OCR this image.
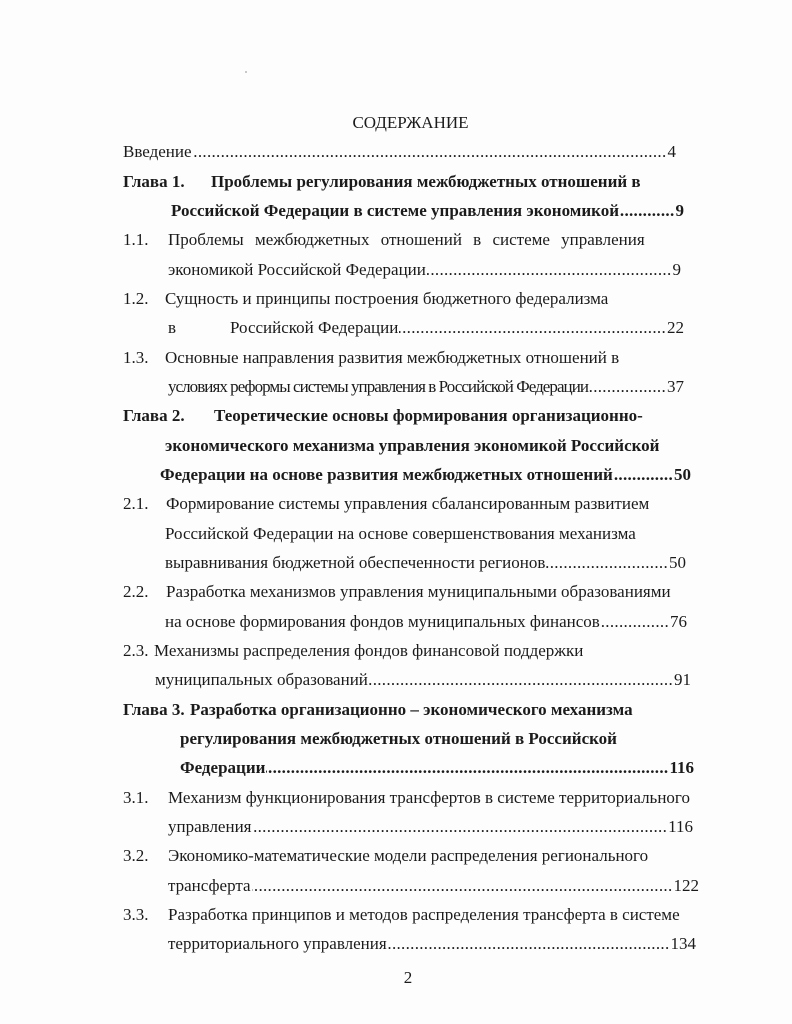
СОДЕРЖАНИЕ
Введение .....	4
Глава 1. Проблемы регулирования межбюджетных отношений в
Российской Федерации в системе управления экономикой .....	9
1.1. Проблемы межбюджетных отношений в системе управления
экономикой Российской Федерации .....	9
1.2. Сущность и принципы построения бюджетного федерализма
в	Российской Федерации .....	22
1.3. Основные направления развития межбюджетных отношений в
условиях реформы системы управления в Российской Федерации .....	37
Глава 2. Теоретические основы формирования организационно-
экономического механизма управления экономикой Российской
Федерации на основе развития межбюджетных отношений .....	50
2.1. Формирование системы управления сбалансированным развитием
Российской Федерации на основе совершенствования механизма
выравнивания бюджетной обеспеченности регионов .....	50
2.2. Разработка механизмов управления муниципальными образованиями
на основе формирования фондов муниципальных финансов .....	76
2.3. Механизмы распределения фондов финансовой поддержки
муниципальных образований .....	91
Глава 3. Разработка организационно – экономического механизма
регулирования межбюджетных отношений в Российской
Федерации .....	116
3.1. Механизм функционирования трансфертов в системе территориального
управления .....	116
3.2. Экономико-математические модели распределения регионального
трансферта .....	122
3.3. Разработка принципов и методов распределения трансферта в системе
территориального управления .....	134
2
